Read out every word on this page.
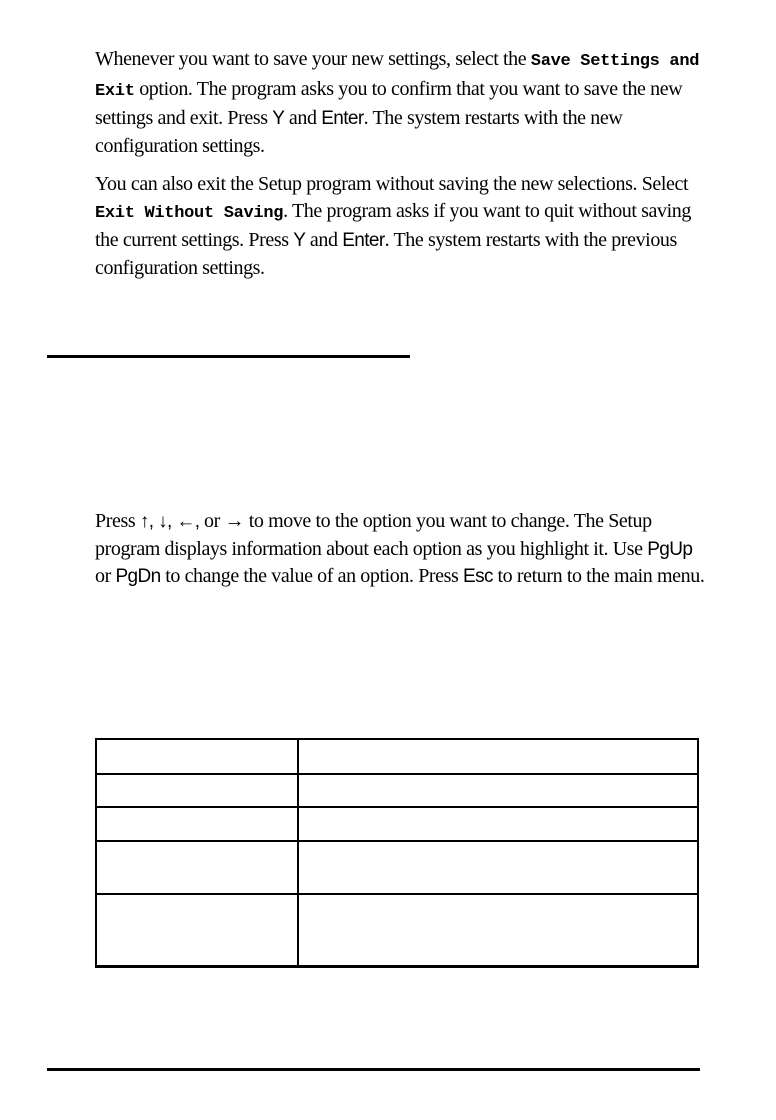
Whenever you want to save your new settings, select the Save Settings and Exit option. The program asks you to confirm that you want to save the new settings and exit. Press Y and Enter. The system restarts with the new configuration settings.

You can also exit the Setup program without saving the new selections. Select Exit Without Saving. The program asks if you want to quit without saving the current settings. Press Y and Enter. The system restarts with the previous configuration settings.

Press ↑, ↓, ←, or → to move to the option you want to change. The Setup program displays information about each option as you highlight it. Use PgUp or PgDn to change the value of an option. Press Esc to return to the main menu.
